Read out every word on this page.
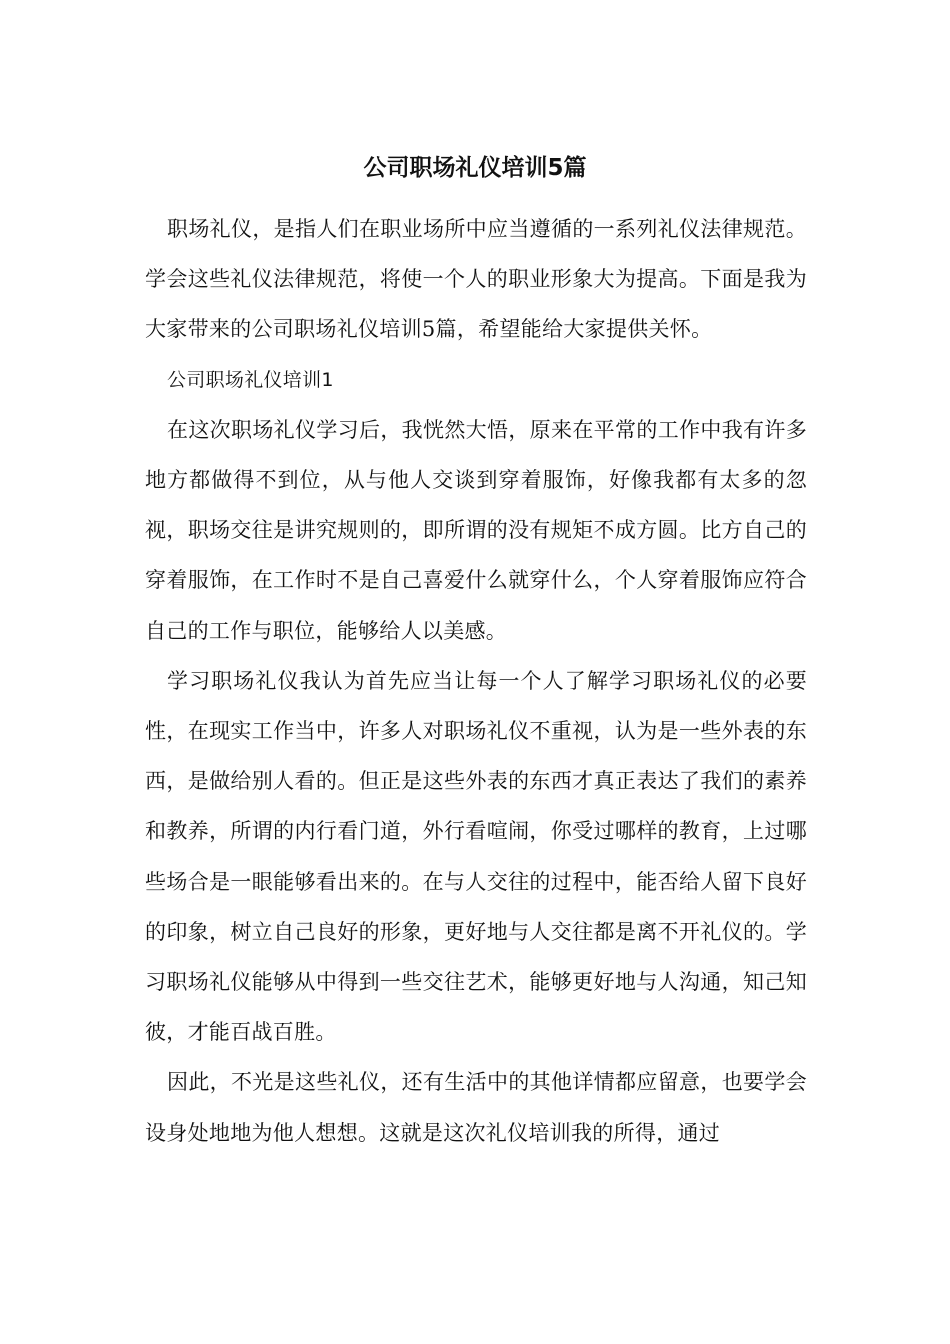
公司职场礼仪培训5篇

职场礼仪，是指人们在职业场所中应当遵循的一系列礼仪法律规范。学会这些礼仪法律规范，将使一个人的职业形象大为提高。下面是我为大家带来的公司职场礼仪培训5篇，希望能给大家提供关怀。

公司职场礼仪培训1

在这次职场礼仪学习后，我恍然大悟，原来在平常的工作中我有许多地方都做得不到位，从与他人交谈到穿着服饰，好像我都有太多的忽视，职场交往是讲究规则的，即所谓的没有规矩不成方圆。比方自己的穿着服饰，在工作时不是自己喜爱什么就穿什么，个人穿着服饰应符合自己的工作与职位，能够给人以美感。

学习职场礼仪我认为首先应当让每一个人了解学习职场礼仪的必要性，在现实工作当中，许多人对职场礼仪不重视，认为是一些外表的东西，是做给别人看的。但正是这些外表的东西才真正表达了我们的素养和教养，所谓的内行看门道，外行看喧闹，你受过哪样的教育，上过哪些场合是一眼能够看出来的。在与人交往的过程中，能否给人留下良好的印象，树立自己良好的形象，更好地与人交往都是离不开礼仪的。学习职场礼仪能够从中得到一些交往艺术，能够更好地与人沟通，知己知彼，才能百战百胜。

因此，不光是这些礼仪，还有生活中的其他详情都应留意，也要学会设身处地地为他人想想。这就是这次礼仪培训我的所得，通过
